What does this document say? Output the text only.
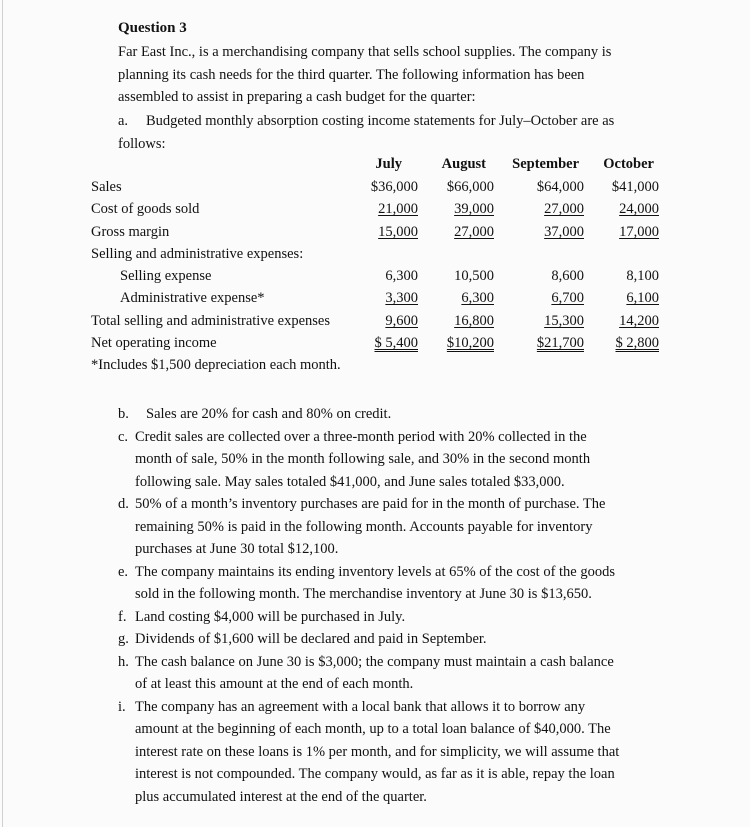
Question 3

Far East Inc., is a merchandising company that sells school supplies. The company is

planning its cash needs for the third quarter. The following information has been

assembled to assist in preparing a cash budget for the quarter:

a. Budgeted monthly absorption costing income statements for July–October are as
follows:
July	August September October
Sales	$36,000 $66,000	$64,000 $41,000
Cost of goods sold	21,000 39,000	27,000 24,000
Gross margin	15,000 27,000	37,000 17,000
Selling and administrative expenses:
Selling expense	6,300 10,500	8,600	8,100
Administrative expense*	3,300	6,300	6,700	6,100
Total selling and administrative expenses	9,600 16,800	15,300 14,200
Net operating income	$ 5,400 $10,200	$21,700 $ 2,800
*Includes $1,500 depreciation each month.
b. Sales are 20% for cash and 80% on credit.
c. Credit sales are collected over a three-month period with 20% collected in the
month of sale, 50% in the month following sale, and 30% in the second month
following sale. May sales totaled $41,000, and June sales totaled $33,000.
d. 50% of a month’s inventory purchases are paid for in the month of purchase. The
remaining 50% is paid in the following month. Accounts payable for inventory
purchases at June 30 total $12,100.
e. The company maintains its ending inventory levels at 65% of the cost of the goods
sold in the following month. The merchandise inventory at June 30 is $13,650.
f. Land costing $4,000 will be purchased in July.
g. Dividends of $1,600 will be declared and paid in September.
h. The cash balance on June 30 is $3,000; the company must maintain a cash balance
of at least this amount at the end of each month.
i. The company has an agreement with a local bank that allows it to borrow any
amount at the beginning of each month, up to a total loan balance of $40,000. The
interest rate on these loans is 1% per month, and for simplicity, we will assume that
interest is not compounded. The company would, as far as it is able, repay the loan
plus accumulated interest at the end of the quarter.
